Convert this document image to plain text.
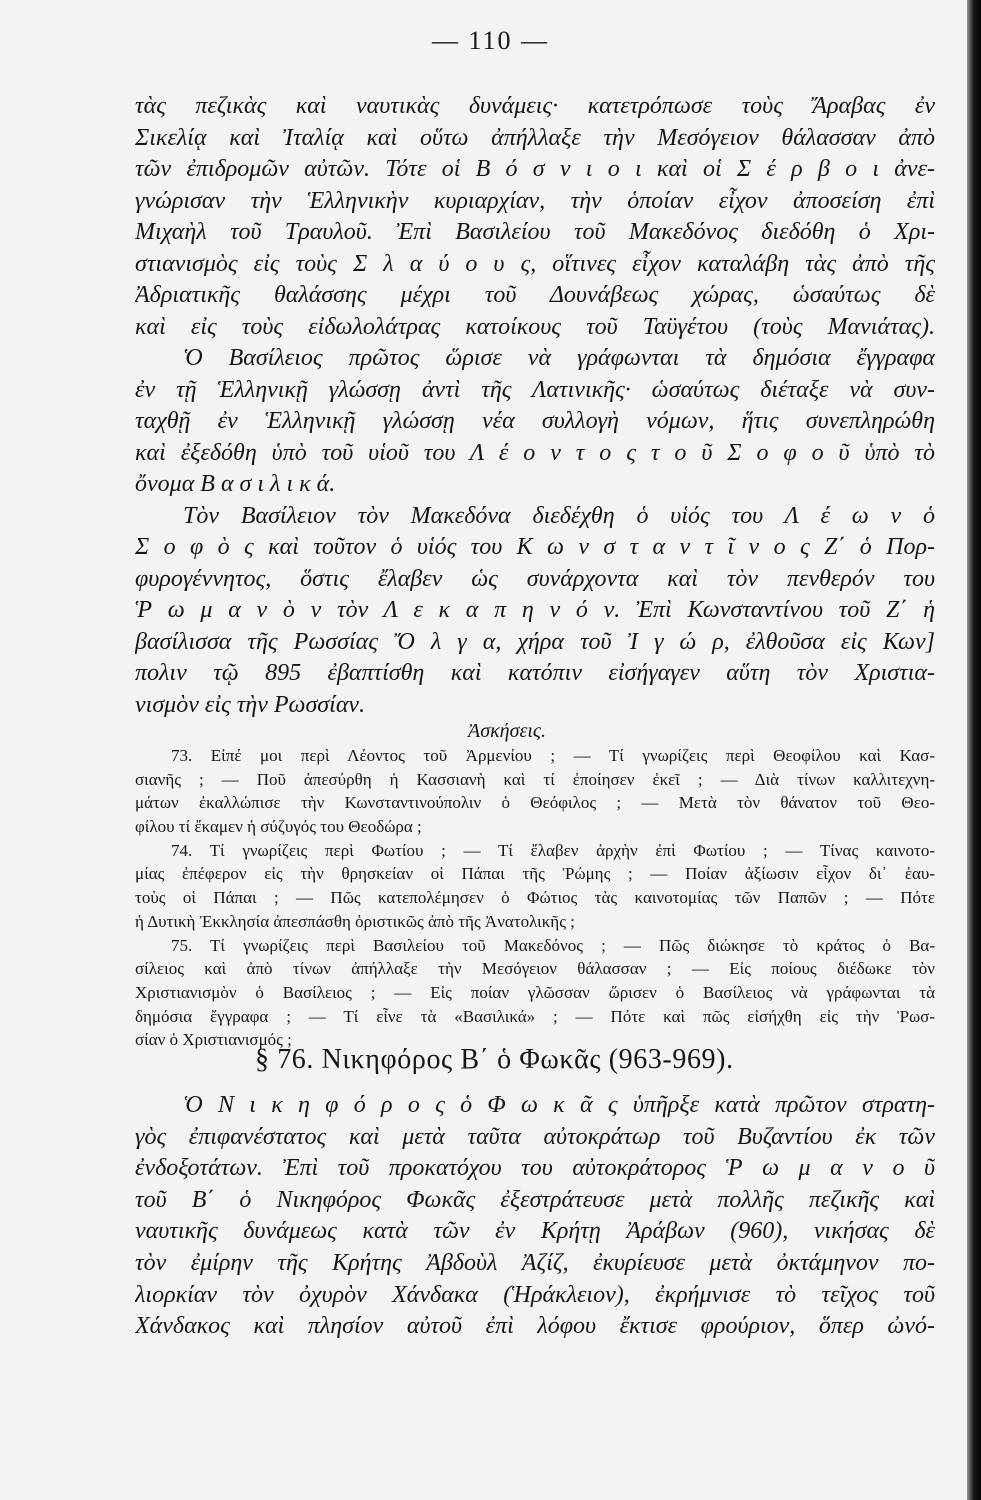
— 110 —
τὰς πεζικὰς καὶ ναυτικὰς δυνάμεις· κατετρόπωσε τοὺς Ἄραβας ἐν
Σικελίᾳ καὶ Ἰταλίᾳ καὶ οὕτω ἀπήλλαξε τὴν Μεσόγειον θάλασσαν ἀπὸ
τῶν ἐπιδρομῶν αὐτῶν. Τότε οἱ Β ό σ ν ι ο ι καὶ οἱ Σ έ ρ β ο ι ἀνε-
γνώρισαν τὴν Ἑλληνικὴν κυριαρχίαν, τὴν ὁποίαν εἶχον ἀποσείση ἐπὶ
Μιχαὴλ τοῦ Τραυλοῦ. Ἐπὶ Βασιλείου τοῦ Μακεδόνος διεδόθη ὁ Χρι-
στιανισμὸς εἰς τοὺς Σ λ α ύ ο υ ς, οἵτινες εἶχον καταλάβη τὰς ἀπὸ τῆς
Ἀδριατικῆς θαλάσσης μέχρι τοῦ Δουνάβεως χώρας, ὡσαύτως δὲ
καὶ εἰς τοὺς εἰδωλολάτρας κατοίκους τοῦ Ταϋγέτου (τοὺς Μανιάτας).
Ὁ Βασίλειος πρῶτος ὥρισε νὰ γράφωνται τὰ δημόσια ἔγγραφα
ἐν τῇ Ἑλληνικῇ γλώσσῃ ἀντὶ τῆς Λατινικῆς· ὡσαύτως διέταξε νὰ συν-
ταχθῇ ἐν Ἑλληνικῇ γλώσσῃ νέα συλλογὴ νόμων, ἥτις συνεπληρώθη
καὶ ἐξεδόθη ὑπὸ τοῦ υἱοῦ του Λ έ ο ν τ ο ς τ ο ῦ Σ ο φ ο ῦ ὑπὸ τὸ
ὄνομα Β α σ ι λ ι κ ά.
Τὸν Βασίλειον τὸν Μακεδόνα διεδέχθη ὁ υἱός του Λ έ ω ν ὁ
Σ ο φ ὸ ς καὶ τοῦτον ὁ υἱός του Κ ω ν σ τ α ν τ ῖ ν ο ς Ζ΄ ὁ Πορ-
φυρογέννητος, ὅστις ἔλαβεν ὡς συνάρχοντα καὶ τὸν πενθερόν του
Ῥ ω μ α ν ὸ ν τὸν Λ ε κ α π η ν ό ν. Ἐπὶ Κωνσταντίνου τοῦ Ζ΄ ἡ
βασίλισσα τῆς Ρωσσίας Ὄ λ γ α, χήρα τοῦ Ἰ γ ώ ρ, ἐλθοῦσα εἰς Κων]
πολιν τῷ 895 ἐβαπτίσθη καὶ κατόπιν εἰσήγαγεν αὕτη τὸν Χριστια-
νισμὸν εἰς τὴν Ρωσσίαν.
Ἀσκήσεις.
73. Εἰπέ μοι περὶ Λέοντος τοῦ Ἀρμενίου ; — Τί γνωρίζεις περὶ Θεοφίλου καὶ Κασ-
σιανῆς ; — Ποῦ ἀπεσύρθη ἡ Κασσιανὴ καὶ τί ἐποίησεν ἐκεῖ ; — Διὰ τίνων καλλιτεχνη-
μάτων ἐκαλλώπισε τὴν Κωνσταντινούπολιν ὁ Θεόφιλος ; — Μετὰ τὸν θάνατον τοῦ Θεο-
φίλου τί ἔκαμεν ἡ σύζυγός του Θεοδώρα ;
74. Τί γνωρίζεις περὶ Φωτίου ; — Τί ἔλαβεν ἀρχὴν ἐπὶ Φωτίου ; — Τίνας καινοτο-
μίας ἐπέφερον εἰς τὴν θρησκείαν οἱ Πάπαι τῆς Ῥώμης ; — Ποίαν ἀξίωσιν εἶχον δι᾽ ἑαυ-
τοὺς οἱ Πάπαι ; — Πῶς κατεπολέμησεν ὁ Φώτιος τὰς καινοτομίας τῶν Παπῶν ; — Πότε
ἡ Δυτικὴ Ἐκκλησία ἀπεσπάσθη ὁριστικῶς ἀπὸ τῆς Ἀνατολικῆς ;
75. Τί γνωρίζεις περὶ Βασιλείου τοῦ Μακεδόνος ; — Πῶς διώκησε τὸ κράτος ὁ Βα-
σίλειος καὶ ἀπὸ τίνων ἀπήλλαξε τὴν Μεσόγειον θάλασσαν ; — Εἰς ποίους διέδωκε τὸν
Χριστιανισμὸν ὁ Βασίλειος ; — Εἰς ποίαν γλῶσσαν ὥρισεν ὁ Βασίλειος νὰ γράφωνται τὰ
δημόσια ἔγγραφα ; — Τί εἶνε τὰ «Βασιλικά» ; — Πότε καὶ πῶς εἰσήχθη εἰς τὴν Ῥωσ-
σίαν ὁ Χριστιανισμός ;
§ 76. Νικηφόρος Β΄ ὁ Φωκᾶς (963-969).
Ὁ Ν ι κ η φ ό ρ ο ς ὁ Φ ω κ ᾶ ς ὑπῆρξε κατὰ πρῶτον στρατη-
γὸς ἐπιφανέστατος καὶ μετὰ ταῦτα αὐτοκράτωρ τοῦ Βυζαντίου ἐκ τῶν
ἐνδοξοτάτων. Ἐπὶ τοῦ προκατόχου του αὐτοκράτορος Ῥ ω μ α ν ο ῦ
τοῦ Β΄ ὁ Νικηφόρος Φωκᾶς ἐξεστράτευσε μετὰ πολλῆς πεζικῆς καὶ
ναυτικῆς δυνάμεως κατὰ τῶν ἐν Κρήτῃ Ἀράβων (960), νικήσας δὲ
τὸν ἐμίρην τῆς Κρήτης Ἀβδοὺλ Ἀζίζ, ἐκυρίευσε μετὰ ὀκτάμηνον πο-
λιορκίαν τὸν ὀχυρὸν Χάνδακα (Ἡράκλειον), ἐκρήμνισε τὸ τεῖχος τοῦ
Χάνδακος καὶ πλησίον αὐτοῦ ἐπὶ λόφου ἔκτισε φρούριον, ὅπερ ὠνό-
